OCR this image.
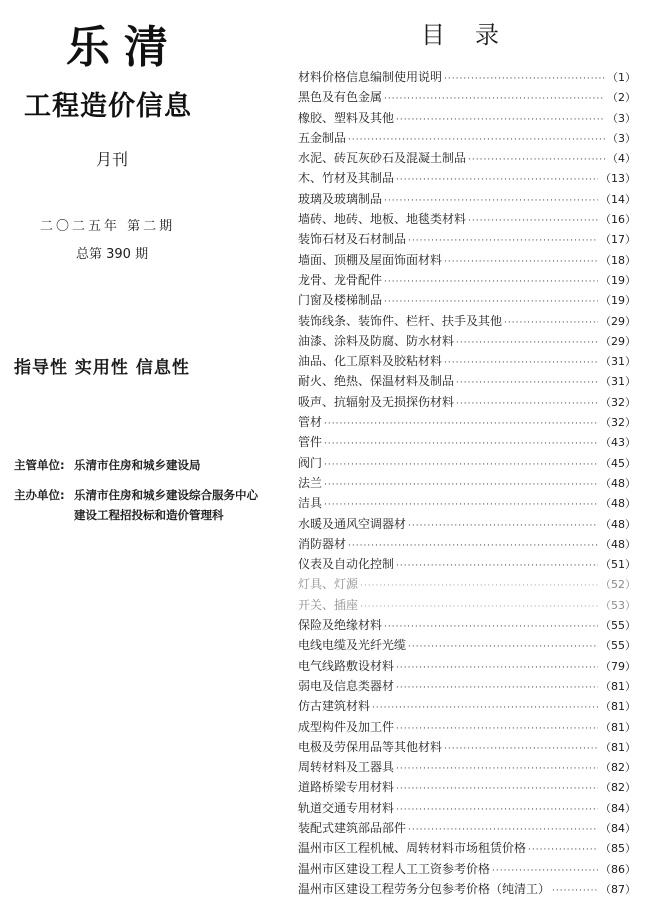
乐清
工程造价信息
月刊
二〇二五年 第二期
总第 390 期
指导性 实用性 信息性
主管单位: 乐清市住房和城乡建设局
主办单位: 乐清市住房和城乡建设综合服务中心
建设工程招投标和造价管理科
目录
材料价格信息编制使用说明 ·····	（1）
黑色及有色金属 ·····	（2）
橡胶、塑料及其他 ·····	（3）
五金制品 ·····	（3）
水泥、砖瓦灰砂石及混凝土制品 ·····	（4）
木、竹材及其制品 ·····	（13）
玻璃及玻璃制品 ·····	（14）
墙砖、地砖、地板、地毯类材料 ·····	（16）
装饰石材及石材制品 ·····	（17）
墙面、顶棚及屋面饰面材料 ·····	（18）
龙骨、龙骨配件 ·····	（19）
门窗及楼梯制品 ·····	（19）
装饰线条、装饰件、栏杆、扶手及其他 ·····	（29）
油漆、涂料及防腐、防水材料 ·····	（29）
油品、化工原料及胶粘材料 ·····	（31）
耐火、绝热、保温材料及制品 ·····	（31）
吸声、抗辐射及无损探伤材料 ·····	（32）
管材 ·····	（32）
管件 ·····	（43）
阀门 ·····	（45）
法兰 ·····	（48）
洁具 ·····	（48）
水暖及通风空调器材 ·····	（48）
消防器材 ·····	（48）
仪表及自动化控制 ·····	（51）
灯具、灯源 ·····	（52）
开关、插座 ·····	（53）
保险及绝缘材料 ·····	（55）
电线电缆及光纤光缆 ·····	（55）
电气线路敷设材料 ·····	（79）
弱电及信息类器材 ·····	（81）
仿古建筑材料 ·····	（81）
成型构件及加工件 ·····	（81）
电极及劳保用品等其他材料 ·····	（81）
周转材料及工器具 ·····	（82）
道路桥梁专用材料 ·····	（82）
轨道交通专用材料 ·····	（84）
装配式建筑部品部件 ·····	（84）
温州市区工程机械、周转材料市场租赁价格 ·····	（85）
温州市区建设工程人工工资参考价格 ·····	（86）
温州市区建设工程劳务分包参考价格（纯清工） ·····	（87）
